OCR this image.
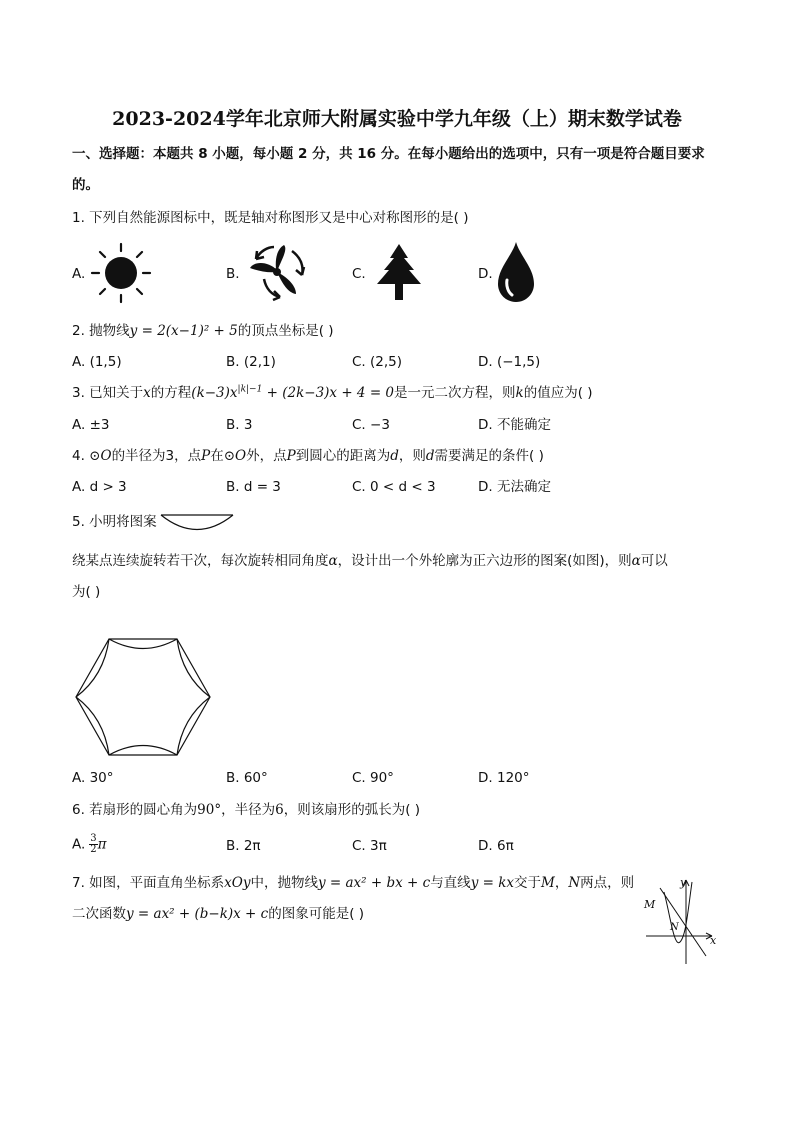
2023-2024学年北京师大附属实验中学九年级（上）期末数学试卷
一、选择题：本题共 8 小题，每小题 2 分，共 16 分。在每小题给出的选项中，只有一项是符合题目要求
的。
1. 下列自然能源图标中，既是轴对称图形又是中心对称图形的是( )
A.	B.	C.	D.
2. 抛物线y = 2(x−1)² + 5的顶点坐标是( )
A. (1,5)	B. (2,1)	C. (2,5)	D. (−1,5)
3. 已知关于x的方程$(k-3)x^{|k|-1} + (2k-3)x + 4 = 0$是一元二次方程，则k的值应为( )
A. ±3	B. 3	C. −3	D. 不能确定
4. ⊙O的半径为3，点P在⊙O外，点P到圆心的距离为d，则d需要满足的条件( )
A. d > 3	B. d = 3	C. 0 < d < 3	D. 无法确定
5. 小明将图案
绕某点连续旋转若干次，每次旋转相同角度α，设计出一个外轮廓为正六边形的图案(如图)，则α可以
为( )
A. 30°	B. 60°	C. 90°	D. 120°
6. 若扇形的圆心角为90°，半径为6，则该扇形的弧长为( )
A. $\frac{3}{2}$ π	B. 2π	C. 3π	D. 6π
7. 如图，平面直角坐标系xOy中，抛物线y = ax² + bx + c与直线y = kx交于M，N两点，则
二次函数y = ax² + (b−k)x + c的图象可能是( )
y
x
M
N
